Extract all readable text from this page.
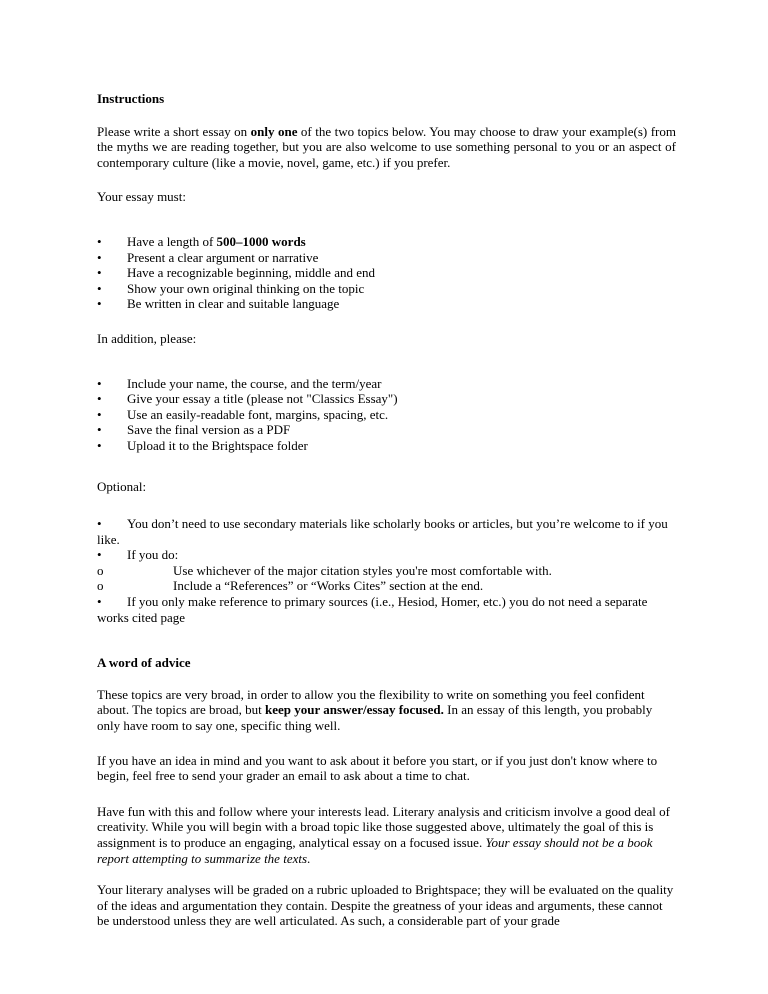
Instructions

Please write a short essay on only one of the two topics below. You may choose to draw your example(s) from the myths we are reading together, but you are also welcome to use something personal to you or an aspect of contemporary culture (like a movie, novel, game, etc.) if you prefer.

Your essay must:

• Have a length of 500–1000 words
• Present a clear argument or narrative
• Have a recognizable beginning, middle and end
• Show your own original thinking on the topic
• Be written in clear and suitable language

In addition, please:

• Include your name, the course, and the term/year
• Give your essay a title (please not "Classics Essay")
• Use an easily-readable font, margins, spacing, etc.
• Save the final version as a PDF
• Upload it to the Brightspace folder

Optional:

• You don’t need to use secondary materials like scholarly books or articles, but you’re welcome to if you like.
• If you do:
o	Use whichever of the major citation styles you're most comfortable with.
o	Include a “References” or “Works Cites” section at the end.
• If you only make reference to primary sources (i.e., Hesiod, Homer, etc.) you do not need a separate works cited page
A word of advice

These topics are very broad, in order to allow you the flexibility to write on something you feel confident about. The topics are broad, but keep your answer/essay focused. In an essay of this length, you probably only have room to say one, specific thing well.

If you have an idea in mind and you want to ask about it before you start, or if you just don't know where to begin, feel free to send your grader an email to ask about a time to chat.

Have fun with this and follow where your interests lead. Literary analysis and criticism involve a good deal of creativity. While you will begin with a broad topic like those suggested above, ultimately the goal of this is assignment is to produce an engaging, analytical essay on a focused issue. Your essay should not be a book report attempting to summarize the texts.

Your literary analyses will be graded on a rubric uploaded to Brightspace; they will be evaluated on the quality of the ideas and argumentation they contain. Despite the greatness of your ideas and arguments, these cannot be understood unless they are well articulated. As such, a considerable part of your grade
